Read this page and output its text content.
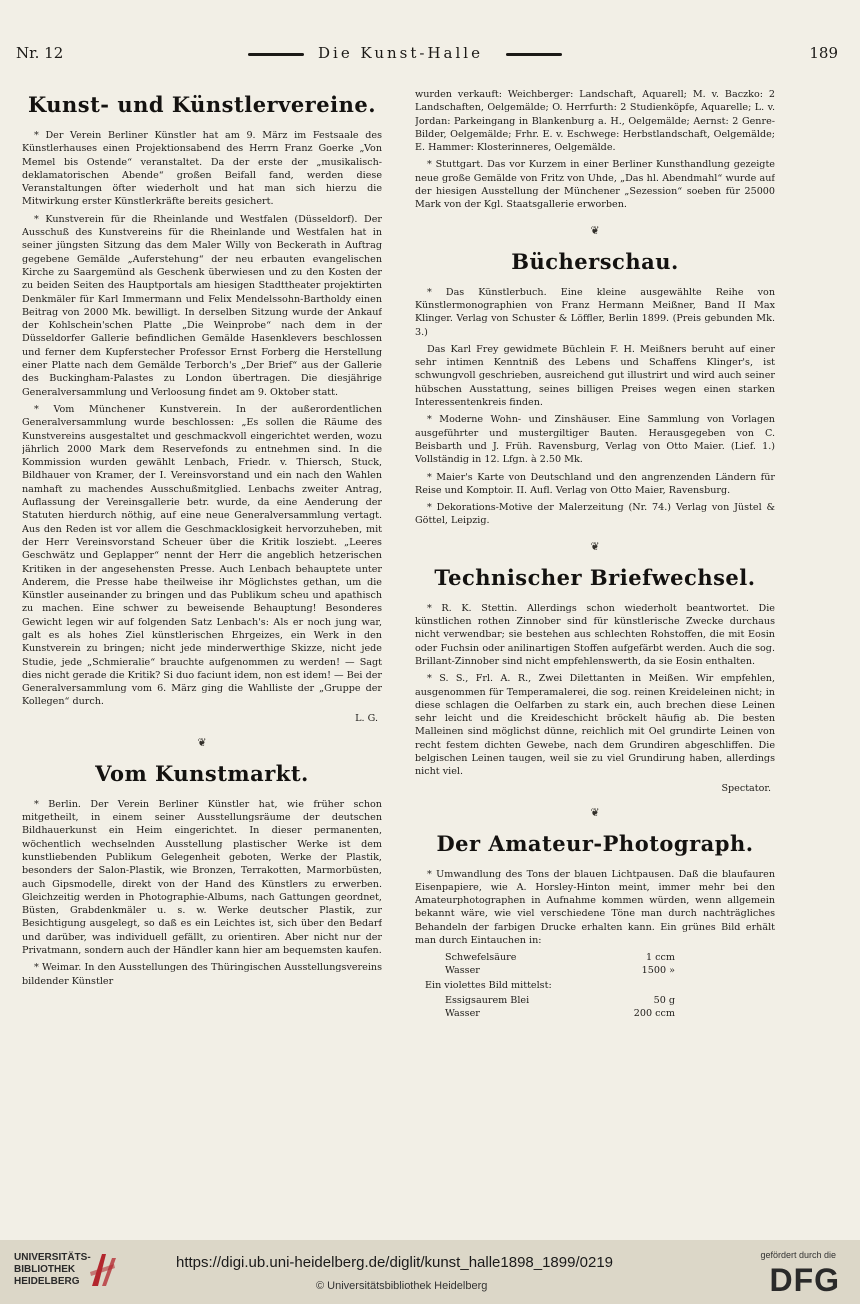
Nr. 12	Die Kunst-Halle	189
Kunst- und Künstlervereine.

* Der Verein Berliner Künstler hat am 9. März im Festsaale des Künstlerhauses einen Projektionsabend des Herrn Franz Goerke „Von Memel bis Ostende“ veranstaltet. Da der erste der „musikalisch-deklamatorischen Abende“ großen Beifall fand, werden diese Veranstaltungen öfter wiederholt und hat man sich hierzu die Mitwirkung erster Künstlerkräfte bereits gesichert.

* Kunstverein für die Rheinlande und Westfalen (Düsseldorf). Der Ausschuß des Kunstvereins für die Rheinlande und Westfalen hat in seiner jüngsten Sitzung das dem Maler Willy von Beckerath in Auftrag gegebene Gemälde „Auferstehung“ der neu erbauten evangelischen Kirche zu Saargemünd als Geschenk überwiesen und zu den Kosten der zu beiden Seiten des Hauptportals am hiesigen Stadttheater projektirten Denkmäler für Karl Immermann und Felix Mendelssohn-Bartholdy einen Beitrag von 2000 Mk. bewilligt. In derselben Sitzung wurde der Ankauf der Kohlschein'schen Platte „Die Weinprobe“ nach dem in der Düsseldorfer Gallerie befindlichen Gemälde Hasenklevers beschlossen und ferner dem Kupferstecher Professor Ernst Forberg die Herstellung einer Platte nach dem Gemälde Terborch's „Der Brief“ aus der Gallerie des Buckingham-Palastes zu London übertragen. Die diesjährige Generalversammlung und Verloosung findet am 9. Oktober statt.

* Vom Münchener Kunstverein. In der außerordentlichen Generalversammlung wurde beschlossen: „Es sollen die Räume des Kunstvereins ausgestaltet und geschmackvoll eingerichtet werden, wozu jährlich 2000 Mark dem Reservefonds zu entnehmen sind. In die Kommission wurden gewählt Lenbach, Friedr. v. Thiersch, Stuck, Bildhauer von Kramer, der I. Vereinsvorstand und ein nach den Wahlen namhaft zu machendes Ausschußmitglied. Lenbachs zweiter Antrag, Auflassung der Vereinsgallerie betr. wurde, da eine Aenderung der Statuten hierdurch nöthig, auf eine neue Generalversammlung vertagt. Aus den Reden ist vor allem die Geschmacklosigkeit hervorzuheben, mit der Herr Vereinsvorstand Scheuer über die Kritik losziebt. „Leeres Geschwätz und Geplapper“ nennt der Herr die angeblich hetzerischen Kritiken in der angesehensten Presse. Auch Lenbach behauptete unter Anderem, die Presse habe theilweise ihr Möglichstes gethan, um die Künstler auseinander zu bringen und das Publikum scheu und apathisch zu machen. Eine schwer zu beweisende Behauptung! Besonderes Gewicht legen wir auf folgenden Satz Lenbach's: Als er noch jung war, galt es als hohes Ziel künstlerischen Ehrgeizes, ein Werk in den Kunstverein zu bringen; nicht jede minderwerthige Skizze, nicht jede Studie, jede „Schmieralie“ brauchte aufgenommen zu werden! — Sagt dies nicht gerade die Kritik? Si duo faciunt idem, non est idem! — Bei der Generalversammlung vom 6. März ging die Wahlliste der „Gruppe der Kollegen“ durch.

L. G.
❦
Vom Kunstmarkt.

* Berlin. Der Verein Berliner Künstler hat, wie früher schon mitgetheilt, in einem seiner Ausstellungsräume der deutschen Bildhauerkunst ein Heim eingerichtet. In dieser permanenten, wöchentlich wechselnden Ausstellung plastischer Werke ist dem kunstliebenden Publikum Gelegenheit geboten, Werke der Plastik, besonders der Salon-Plastik, wie Bronzen, Terrakotten, Marmorbüsten, auch Gipsmodelle, direkt von der Hand des Künstlers zu erwerben. Gleichzeitig werden in Photographie-Albums, nach Gattungen geordnet, Büsten, Grabdenkmäler u. s. w. Werke deutscher Plastik, zur Besichtigung ausgelegt, so daß es ein Leichtes ist, sich über den Bedarf und darüber, was individuell gefällt, zu orientiren. Aber nicht nur der Privatmann, sondern auch der Händler kann hier am bequemsten kaufen.

* Weimar. In den Ausstellungen des Thüringischen Ausstellungsvereins bildender Künstler

wurden verkauft: Weichberger: Landschaft, Aquarell; M. v. Baczko: 2 Landschaften, Oelgemälde; O. Herrfurth: 2 Studienköpfe, Aquarelle; L. v. Jordan: Parkeingang in Blankenburg a. H., Oelgemälde; Aernst: 2 Genre-Bilder, Oelgemälde; Frhr. E. v. Eschwege: Herbstlandschaft, Oelgemälde; E. Hammer: Klosterinneres, Oelgemälde.

* Stuttgart. Das vor Kurzem in einer Berliner Kunsthandlung gezeigte neue große Gemälde von Fritz von Uhde, „Das hl. Abendmahl“ wurde auf der hiesigen Ausstellung der Münchener „Sezession“ soeben für 25000 Mark von der Kgl. Staatsgallerie erworben.

❦
Bücherschau.

* Das Künstlerbuch. Eine kleine ausgewählte Reihe von Künstlermonographien von Franz Hermann Meißner, Band II Max Klinger. Verlag von Schuster & Löffler, Berlin 1899. (Preis gebunden Mk. 3.)

Das Karl Frey gewidmete Büchlein F. H. Meißners beruht auf einer sehr intimen Kenntniß des Lebens und Schaffens Klinger's, ist schwungvoll geschrieben, ausreichend gut illustrirt und wird auch seiner hübschen Ausstattung, seines billigen Preises wegen einen starken Interessentenkreis finden.

* Moderne Wohn- und Zinshäuser. Eine Sammlung von Vorlagen ausgeführter und mustergiltiger Bauten. Herausgegeben von C. Beisbarth und J. Früh. Ravensburg, Verlag von Otto Maier. (Lief. 1.) Vollständig in 12. Lfgn. à 2.50 Mk.

* Maier's Karte von Deutschland und den angrenzenden Ländern für Reise und Komptoir. II. Aufl. Verlag von Otto Maier, Ravensburg.

* Dekorations-Motive der Malerzeitung (Nr. 74.) Verlag von Jüstel & Göttel, Leipzig.

❦
Technischer Briefwechsel.

* R. K. Stettin. Allerdings schon wiederholt beantwortet. Die künstlichen rothen Zinnober sind für künstlerische Zwecke durchaus nicht verwendbar; sie bestehen aus schlechten Rohstoffen, die mit Eosin oder Fuchsin oder anilinartigen Stoffen aufgefärbt werden. Auch die sog. Brillant-Zinnober sind nicht empfehlenswerth, da sie Eosin enthalten.

* S. S., Frl. A. R., Zwei Dilettanten in Meißen. Wir empfehlen, ausgenommen für Temperamalerei, die sog. reinen Kreideleinen nicht; in diese schlagen die Oelfarben zu stark ein, auch brechen diese Leinen sehr leicht und die Kreideschicht bröckelt häufig ab. Die besten Malleinen sind möglichst dünne, reichlich mit Oel grundirte Leinen von recht festem dichten Gewebe, nach dem Grundiren abgeschliffen. Die belgischen Leinen taugen, weil sie zu viel Grundirung haben, allerdings nicht viel.

Spectator.
❦
Der Amateur-Photograph.

* Umwandlung des Tons der blauen Lichtpausen. Daß die blaufauren Eisenpapiere, wie A. Horsley-Hinton meint, immer mehr bei den Amateurphotographen in Aufnahme kommen würden, wenn allgemein bekannt wäre, wie viel verschiedene Töne man durch nachträgliches Behandeln der farbigen Drucke erhalten kann. Ein grünes Bild erhält man durch Eintauchen in:

Schwefelsäure	1 ccm
Wasser	1500 »
Ein violettes Bild mittelst:
Essigsaurem Blei	50 g
Wasser	200 ccm
UNIVERSITÄTS-
BIBLIOTHEK
HEIDELBERG
https://digi.ub.uni-heidelberg.de/diglit/kunst_halle1898_1899/0219
© Universitätsbibliothek Heidelberg
gefördert durch die
DFG
